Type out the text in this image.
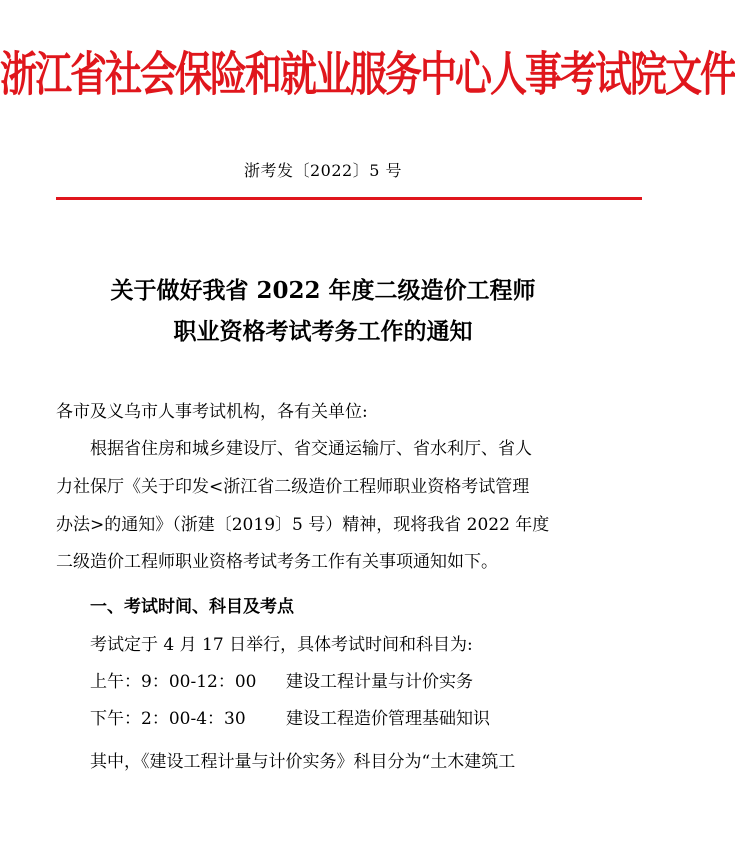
浙江省社会保险和就业服务中心人事考试院文件
浙考发〔2022〕5 号
关于做好我省 2022 年度二级造价工程师
职业资格考试考务工作的通知
各市及义乌市人事考试机构，各有关单位:
根据省住房和城乡建设厅、省交通运输厅、省水利厅、省人
力社保厅《关于印发<浙江省二级造价工程师职业资格考试管理
办法>的通知》（浙建〔2019〕5 号）精神，现将我省 2022 年度
二级造价工程师职业资格考试考务工作有关事项通知如下。
一、考试时间、科目及考点
考试定于 4 月 17 日举行，具体考试时间和科目为:
上午：9：00-12：00 建设工程计量与计价实务
下午：2：00-4：30 建设工程造价管理基础知识
其中，《建设工程计量与计价实务》科目分为“土木建筑工
